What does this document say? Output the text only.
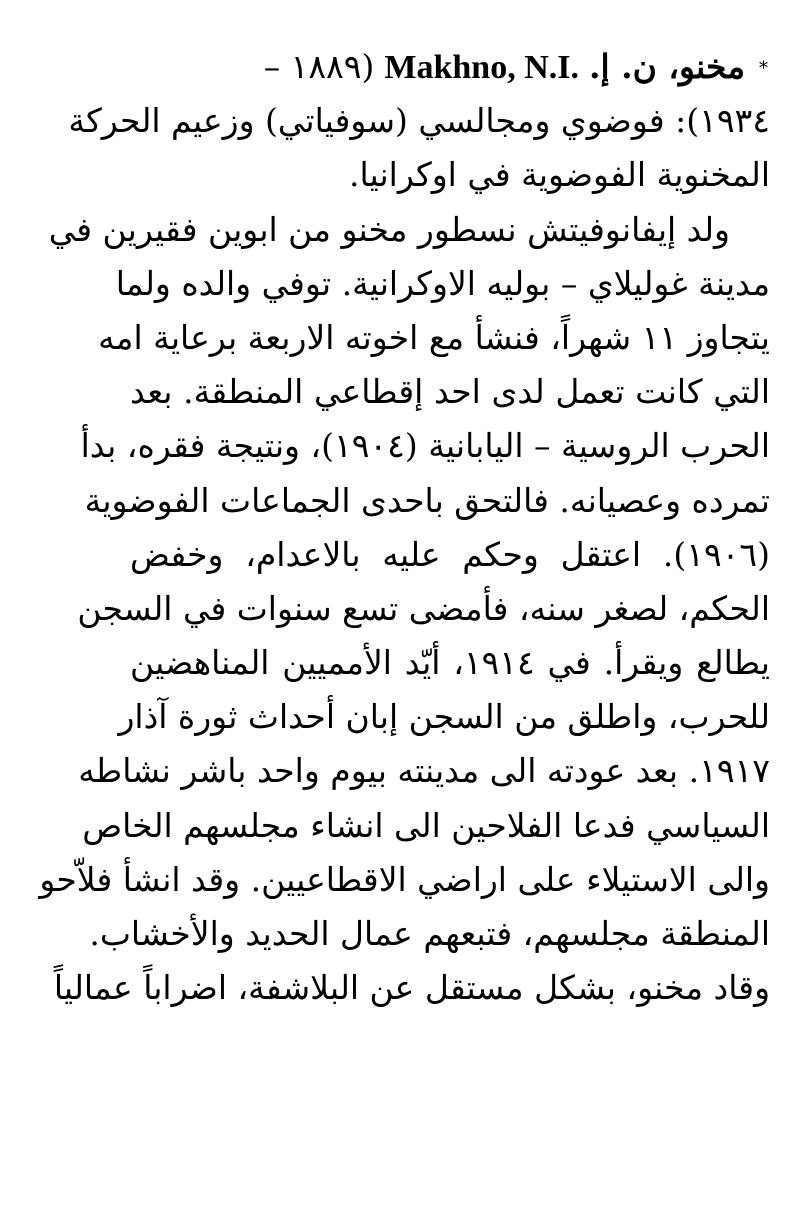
*مخنو، ن. إ.Makhno, N.I.(١٨٨٩ –
١٩٣٤): فوضوي ومجالسي (سوفياتي) وزعيم الحركة
المخنوية الفوضوية في اوكرانيا.
ولد إيفانوفيتش نسطور مخنو من ابوين فقيرين في
مدينة غوليلاي – بوليه الاوكرانية. توفي والده ولما
يتجاوز ١١ شهراً، فنشأ مع اخوته الاربعة برعاية امه
التي كانت تعمل لدى احد إقطاعي المنطقة. بعد
الحرب الروسية – اليابانية (١٩٠٤)، ونتيجة فقره، بدأ
تمرده وعصيانه. فالتحق باحدى الجماعات الفوضوية
(١٩٠٦). اعتقل وحكم عليه بالاعدام، وخفض
الحكم، لصغر سنه، فأمضى تسع سنوات في السجن
يطالع ويقرأ. في ١٩١٤، أيّد الأمميين المناهضين
للحرب، واطلق من السجن إبان أحداث ثورة آذار
١٩١٧. بعد عودته الى مدينته بيوم واحد باشر نشاطه
السياسي فدعا الفلاحين الى انشاء مجلسهم الخاص
والى الاستيلاء على اراضي الاقطاعيين. وقد انشأ فلاّحو
المنطقة مجلسهم، فتبعهم عمال الحديد والأخشاب.
وقاد مخنو، بشكل مستقل عن البلاشفة، اضراباً عمالياً
